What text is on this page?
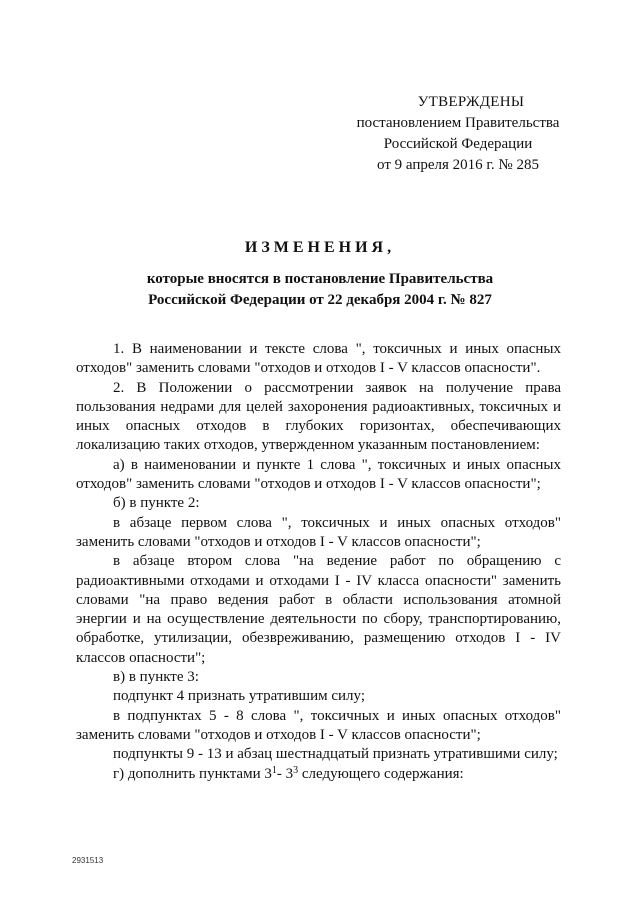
УТВЕРЖДЕНЫ
постановлением Правительства
Российской Федерации
от 9 апреля 2016 г. № 285
ИЗМЕНЕНИЯ,
которые вносятся в постановление Правительства
Российской Федерации от 22 декабря 2004 г. № 827

1. В наименовании и тексте слова ", токсичных и иных опасных отходов" заменить словами "отходов и отходов I - V классов опасности".

2. В Положении о рассмотрении заявок на получение права пользования недрами для целей захоронения радиоактивных, токсичных и иных опасных отходов в глубоких горизонтах, обеспечивающих локализацию таких отходов, утвержденном указанным постановлением:

а) в наименовании и пункте 1 слова ", токсичных и иных опасных отходов" заменить словами "отходов и отходов I - V классов опасности";

б) в пункте 2:

в абзаце первом слова ", токсичных и иных опасных отходов" заменить словами "отходов и отходов I - V классов опасности";

в абзаце втором слова "на ведение работ по обращению с радиоактивными отходами и отходами I - IV класса опасности" заменить словами "на право ведения работ в области использования атомной энергии и на осуществление деятельности по сбору, транспортированию, обработке, утилизации, обезвреживанию, размещению отходов I - IV классов опасности";

в) в пункте 3:

подпункт 4 признать утратившим силу;

в подпунктах 5 - 8 слова ", токсичных и иных опасных отходов" заменить словами "отходов и отходов I - V классов опасности";

подпункты 9 - 13 и абзац шестнадцатый признать утратившими силу;

г) дополнить пунктами $3^1-$ $3^3$ следующего содержания:

2931513
